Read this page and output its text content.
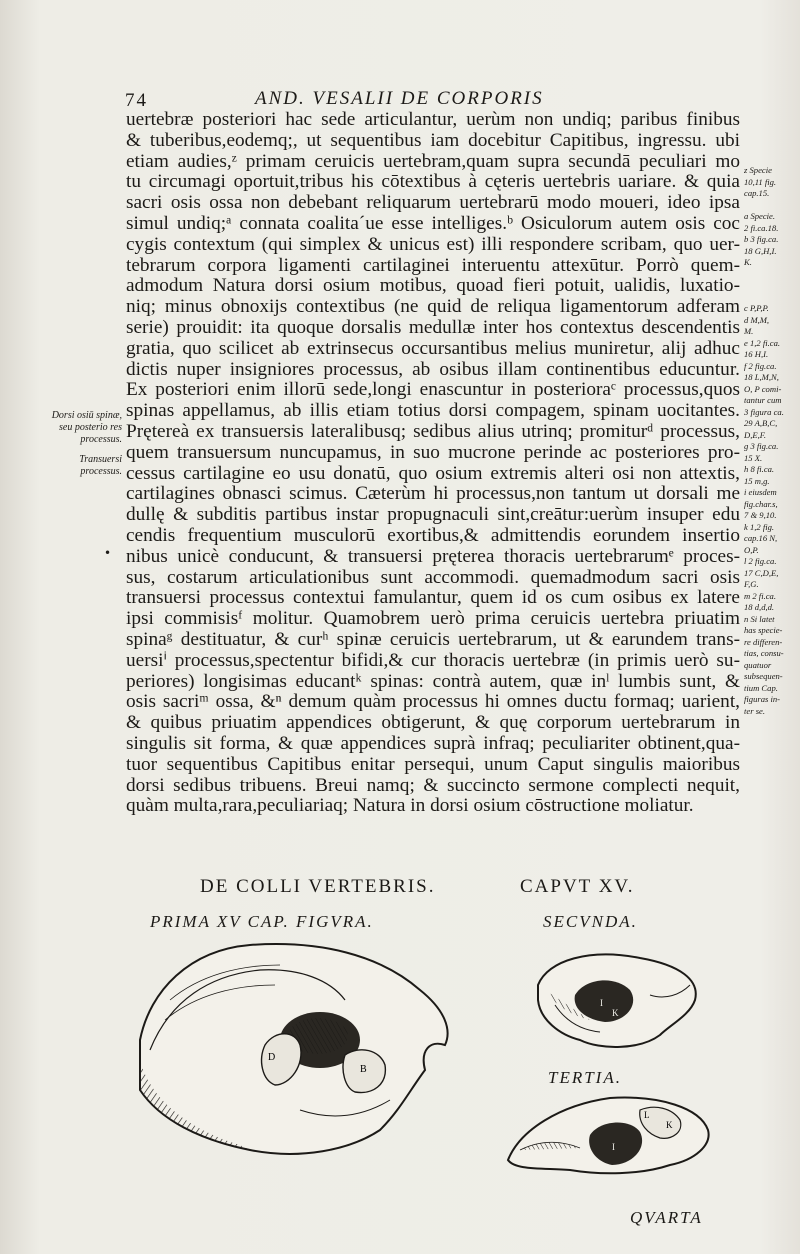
74	AND. VESALII DE CORPORIS
uertebræ posteriori hac sede articulantur, uerùm non undiq; paribus finibus
& tuberibus,eodemq;, ut sequentibus iam docebitur Capitibus, ingressu. ubi
etiam audies,ᶻ primam ceruicis uertebram,quam supra secundā peculiari mo
tu circumagi oportuit,tribus his cōtextibus à cęteris uertebris uariare. & quia
sacri osis ossa non debebant reliquarum uertebrarū modo moueri, ideo ipsa
simul undiq;ᵃ connata coalita´ue esse intelliges.ᵇ Osiculorum autem osis coc
cygis contextum (qui simplex & unicus est) illi respondere scribam, quo uer-
tebrarum corpora ligamenti cartilaginei interuentu attexūtur. Porrò quem-
admodum Natura dorsi osium motibus, quoad fieri potuit, ualidis, luxatio-
niq; minus obnoxijs contextibus (ne quid de reliqua ligamentorum adferam
serie) prouidit: ita quoque dorsalis medullæ inter hos contextus descendentis
gratia, quo scilicet ab extrinsecus occursantibus melius muniretur, alij adhuc
dictis nuper insigniores processus, ab osibus illam continentibus educuntur.
Ex posteriori enim illorū sede,longi enascuntur in posterioraᶜ processus,quos
spinas appellamus, ab illis etiam totius dorsi compagem, spinam uocitantes.
Prętereà ex transuersis lateralibusq; sedibus alius utrinq; promiturᵈ processus,
quem transuersum nuncupamus, in suo mucrone perinde ac posteriores pro-
cessus cartilagine eo usu donatū, quo osium extremis alteri osi non attextis,
cartilagines obnasci scimus. Cæterùm hi processus,non tantum ut dorsali me
dullę & subditis partibus instar propugnaculi sint,creātur:uerùm insuper edu
cendis frequentium musculorū exortibus,& admittendis eorundem insertio
nibus unicè conducunt, & transuersi pręterea thoracis uertebrarumᵉ proces-
sus, costarum articulationibus sunt accommodi. quemadmodum sacri osis
transuersi processus contextui famulantur, quem id os cum osibus ex latere
ipsi commisisᶠ molitur. Quamobrem uerò prima ceruicis uertebra priuatim
spinaᵍ destituatur, & curʰ spinæ ceruicis uertebrarum, ut & earundem trans-
uersiⁱ processus,spectentur bifidi,& cur thoracis uertebræ (in primis uerò su-
periores) longisimas educantᵏ spinas: contrà autem, quæ inˡ lumbis sunt, &
osis sacriᵐ ossa, &ⁿ demum quàm processus hi omnes ductu formaq; uarient,
& quibus priuatim appendices obtigerunt, & quę corporum uertebrarum in
singulis sit forma, & quæ appendices suprà infraq; peculiariter obtinent,qua-
tuor sequentibus Capitibus enitar persequi, unum Caput singulis maioribus
dorsi sedibus tribuens. Breui namq; & succincto sermone complecti nequit,
quàm multa,rara,peculiariaq; Natura in dorsi osium cōstructione moliatur.

Dorsi osiū spinæ, seu posterio res processus.

Transuersi processus.

z Specie
10,11 fig.
cap.15.

a Specie.
2 fi.ca.18.
b 3 fig.ca.
18 G,H,I.
K.

c P,P,P.
d M,M,
M.
e 1,2 fi.ca.
16 H,I.
f 2 fig.ca.
18 L,M,N,
O, P comi-
tantur cum
3 figura ca.
29 A,B,C,
D,E,F.
g 3 fig.ca.
15 X.
h 8 fi.ca.
15 m,g.
i eiusdem
fig.char.s,
7 & 9,10.
k 1,2 fig.
cap.16 N,
O,P.
l 2 fig.ca.
17 C,D,E,
F,G.
m 2 fi.ca.
18 d,d,d.
n Si latet
has specie-
re differen-
tias, consu-
quatuor
subsequen-
tium Cap.
figuras in-
ter se.
•
DE COLLI VERTEBRIS.	CAPVT XV.
PRIMA XV CAP. FIGVRA.	SECVNDA.
TERTIA.
QVARTA
D
B
I
K
I
L
K
